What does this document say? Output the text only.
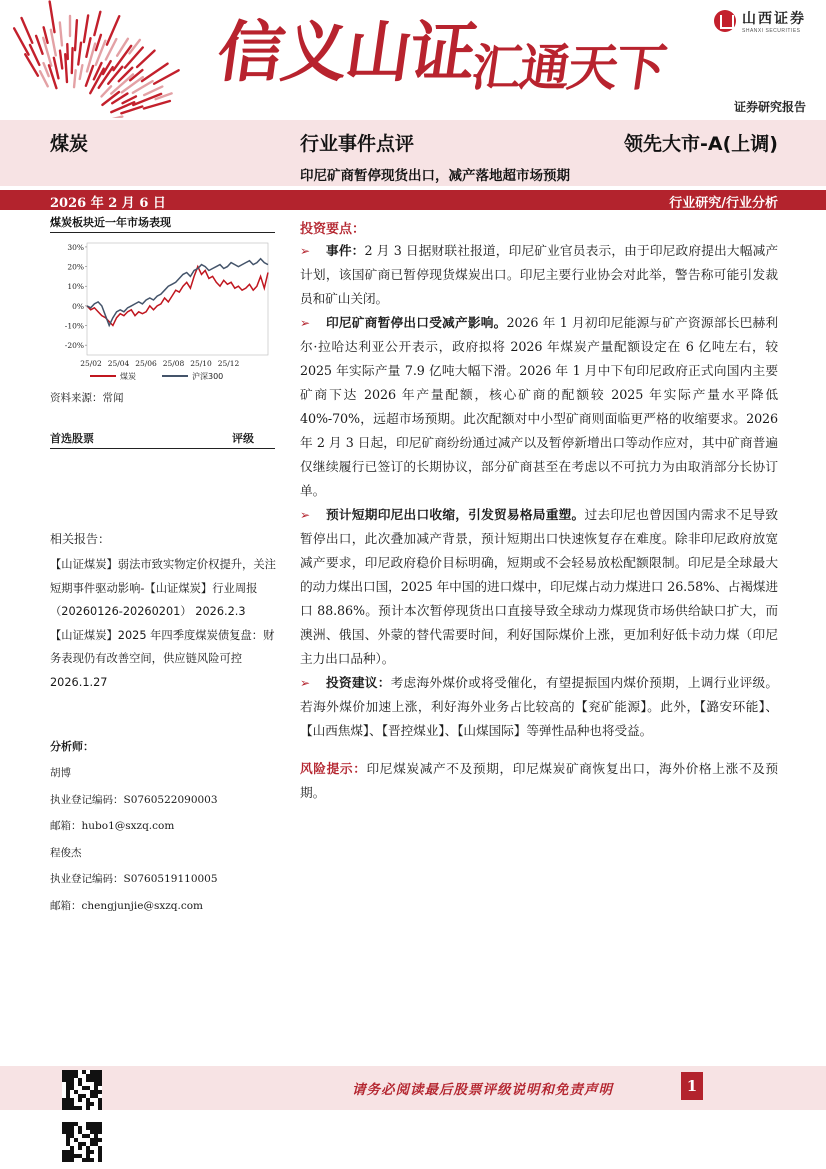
信义山证汇通天下
山西证券
SHANXI SECURITIES
证券研究报告
煤炭	行业事件点评	领先大市-A(上调)
印尼矿商暂停现货出口，减产落地超市场预期
2026 年 2 月 6 日	行业研究/行业分析
煤炭板块近一年市场表现
30%
20%
10%
0%
-10%
-20%
25/02 25/04 25/06 25/08 25/10 25/12
煤炭	沪深300
资料来源：常闻
首选股票	评级
相关报告：
【山证煤炭】弱法市致实物定价权提升，关注短期事件驱动影响-【山证煤炭】行业周报（20260126-20260201） 2026.2.3
【山证煤炭】2025 年四季度煤炭债复盘：财务表现仍有改善空间，供应链风险可控 2026.1.27
分析师：
胡博
执业登记编码：S0760522090003
邮箱：hubo1@sxzq.com
程俊杰
执业登记编码：S0760519110005
邮箱：chengjunjie@sxzq.com
投资要点：
➢ 事件：2 月 3 日据财联社报道，印尼矿业官员表示，由于印尼政府提出大幅减产计划，该国矿商已暂停现货煤炭出口。印尼主要行业协会对此举，警告称可能引发裁员和矿山关闭。
➢ 印尼矿商暂停出口受减产影响。2026 年 1 月初印尼能源与矿产资源部长巴赫利尔·拉哈达利亚公开表示，政府拟将 2026 年煤炭产量配额设定在 6 亿吨左右，较 2025 年实际产量 7.9 亿吨大幅下滑。2026 年 1 月中下旬印尼政府正式向国内主要矿商下达 2026 年产量配额，核心矿商的配额较 2025 年实际产量水平降低 40%-70%，远超市场预期。此次配额对中小型矿商则面临更严格的收缩要求。2026 年 2 月 3 日起，印尼矿商纷纷通过减产以及暂停新增出口等动作应对，其中矿商普遍仅继续履行已签订的长期协议，部分矿商甚至在考虑以不可抗力为由取消部分长协订单。
➢ 预计短期印尼出口收缩，引发贸易格局重塑。过去印尼也曾因国内需求不足导致暂停出口，此次叠加减产背景，预计短期出口快速恢复存在难度。除非印尼政府放宽减产要求，印尼政府稳价目标明确，短期或不会轻易放松配额限制。印尼是全球最大的动力煤出口国，2025 年中国的进口煤中，印尼煤占动力煤进口 26.58%、占褐煤进口 88.86%。预计本次暂停现货出口直接导致全球动力煤现货市场供给缺口扩大，而澳洲、俄国、外蒙的替代需要时间，利好国际煤价上涨，更加利好低卡动力煤（印尼主力出口品种）。
➢ 投资建议：考虑海外煤价或将受催化，有望提振国内煤价预期，上调行业评级。若海外煤价加速上涨，利好海外业务占比较高的【兖矿能源】。此外，【潞安环能】、【山西焦煤】、【晋控煤业】、【山煤国际】等弹性品种也将受益。
风险提示：印尼煤炭减产不及预期，印尼煤炭矿商恢复出口，海外价格上涨不及预期。
请务必阅读最后股票评级说明和免责声明	1
